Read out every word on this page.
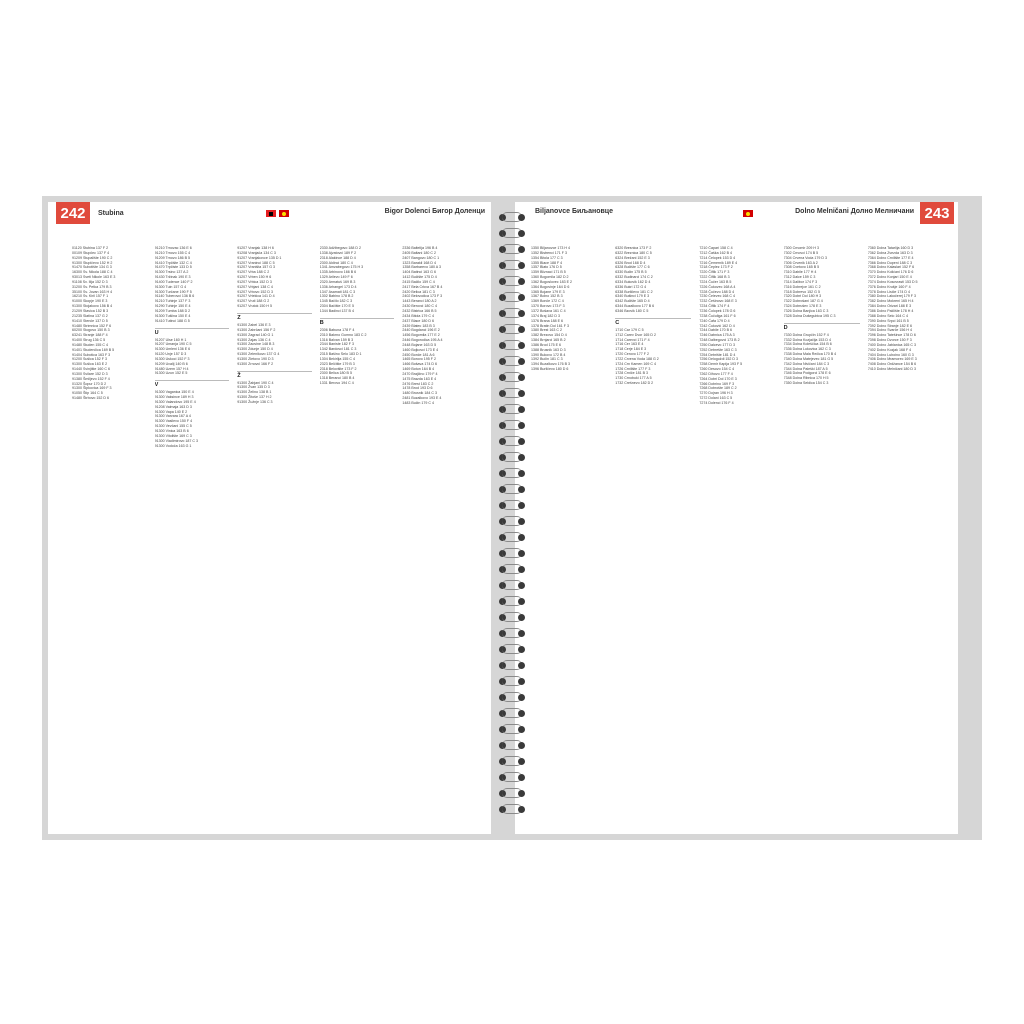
242	Stubina	Bigor Dolenci Бигор Доленци
01120 Stubina 137 F 2
00109 Stupčec 137 F 4
91209 Stupalište 190 C 2
91300 Stupičevo 152 H 2
91470 Subotište 134 G 3
16300 Sv. Nikola 188 C 4
93013 Sveti Nikole 163 E 3
91108 Sv. Ilija 152 D 3
31200 Sv. Petka 179 B 3
35100 Sv. Jovan 163 H 4
16210 Sv. Kiril 157 F 1
91000 Skopje 190 E 3
91300 Stojakovo 156 B 4
21209 Stavica 152 B 3
21235 Slatina 137 G 2
91410 Stenče 137 D 5
91480 Strimnica 152 F 6
60200 Stogovo 150 B 3
63241 Stranje 188 F 4
91400 Strug 136 C 5
91480 Studen 155 C 4
91401 Studenčica 169 B 5
91404 Subotica 163 F 3
91200 Sušica 152 F 3
91300 Sušica 163 E 2
91440 Svinjište 160 C 6
91300 Svilare 152 D 3
91380 Šmiljevo 152 F 4
01320 Šopur 170 D 2
91300 Šipkovica 169 F 3
91050 Štip 164 C 5
91480 Štrbovo 152 D 6
91210 Trnovac 136 E 6
91210 Trnovo 155 C 4
91209 Trnovo 186 B 5
91410 Trpčište 132 C 4
91470 Trpčiste 133 D 5
91300 Trsino 137 A 2
91430 Tržinak 190 E 3
91400 Tudence 140 F 2
91300 Tuin 157 G 4
91300 Turčane 190 F 5
91140 Tuberovci 136 B 6
91210 Tuhinje 137 F 3
91290 Tuhinje 150 E 4
91209 Tumba 188 D 2
91300 Tušiina 150 E 4
91410 Tutinci 188 G 5
U
91207 Ulse 160 H 1
91207 Umanja 190 C 5
91300 Umleni 136 E 6
91120 Unje 157 D 3
91300 Uskoci 152 F 3
91209 Uvalij 140 B 6
91480 Uzem 157 H 4
91300 Uzun 152 E 5
V
91300 Vaganica 150 E 4
91300 Vaksince 189 H 3
91300 Valandovo 195 E 4
91208 Valmaja 163 D 3
91300 Vapa 140 E 2
91300 Varvara 167 A 4
91300 Vasilevo 150 F 4
91300 Vevčani 155 C 5
91300 Vinica 163 B 6
91300 Vitolište 169 C 3
91300 Vladimirovo 187 C 3
91300 Vodoča 163 G 1
91207 Vranjak 138 H 6
91208 Vranjača 134 C 3
91207 Vranjakovce 135 D 1
91207 Vraninci 188 C 5
91207 Vraništa 157 G 3
91207 Vrba 188 C 2
91207 Vrben 150 H 6
91207 Vrbica 152 D 3
91207 Vrbjani 138 C 4
91207 Vrbovo 152 D 3
91207 Vrtekica 141 D 4
91207 Vruti 188 G 2
91207 Vrutok 150 H 5
Z
91300 Zabel 136 E 3
91300 Zabrčani 156 F 2
91300 Zagrad 140 G 1
91300 Zajas 136 C 4
91300 Zaovine 148 B 3
91300 Zdunje 150 D 4
91300 Zelenikovo 137 G 4
91300 Zletovo 190 D 3
91300 Zrnovci 166 F 2
Ž
91300 Žabjani 190 C 4
91300 Žvan 135 D 3
91300 Želino 138 B 1
91300 Žitoše 137 H 2
91300 Žužnje 136 C 3
2330 Adžibegovo 188 D 2
1338 Ajvatovci 189 F 2
2318 Alakince 188 D 4
2300 Aldinci 180 C 4
1341 Amzabegovo 175 H 3
1335 Arbinovo 166 B 6
1329 Arilevo 149 F 6
2320 Armatuš 169 B 3
1336 Arhangel 173 D 4
1347 Asamati 181 C 3
1302 Babino 178 B 2
1345 Bačilo 182 C 3
2304 Bačište 170 E 5
1344 Badinci 137 B 4
B
2306 Babuna 178 F 4
2310 Bakrno Gumno 183 C 2
1316 Balvan 159 B 3
2344 Baniste 182 F 3
1342 Bardovci 181 C 3
2315 Bašino Selo 183 D 1
1304 Bekirlija 155 C 4
2323 Belčište 179 B 3
2318 Belovište 173 F 2
2300 Belica 180 B 5
1318 Beranci 180 B 4
1331 Berovo 194 C 4
2336 Baltelija 196 B 4
2405 Baltani 180 C 2
2407 Bangovo 180 C 1
1323 Barakli 168 D 4
1358 Barbarevo 180 A 3
1404 Batinci 163 G 6
1412 Bučište 175 D 4
2415 Bačilo 159 C 4
2417 Bela Crkva 167 B 4
2420 Belica 181 C 3
2402 Belovodica 173 F 3
1443 Beranci 180 A 2
2430 Berovci 180 C 4
2432 Bistrica 166 B 5
2434 Bitola 179 C 4
2437 Blace 180 D 6
2439 Blatec 183 B 3
2440 Bogdanci 196 E 2
1456 Bogomila 177 E 2
2446 Bogorodica 195 A 4
2448 Bojane 163 D 5
1460 Bojkovci 173 E 4
2450 Bonče 181 A 6
1465 Borovo 195 F 2
1466 Bošava 174 D 6
1469 Botun 164 B 4
2470 Brajčino 179 F 4
1475 Brazda 163 E 4
2476 Brest 183 C 2
1478 Brod 193 D 6
1480 Brusnik 184 C 3
2481 Buzalkovo 193 E 4
1483 Bučin 179 C 4
Biljanovce Биљановце	Dolno Melničani Долно Мелничани 243
1350 Biljanovce 173 H 4
1352 Bistrenci 171 F 3
1354 Bitola 177 C 3
1355 Blace 188 F 4
1357 Blato 176 D 5
1359 Bliznaci 171 B 5
1360 Bogomila 182 D 2
1362 Bogoslovec 183 E 2
1364 Bogovinje 164 D 6
1365 Bojane 179 E 3
1367 Bolno 152 B 3
1369 Bonče 172 C 4
1370 Borovo 173 F 3
1372 Bošava 161 C 4
1374 Braj 182 D 3
1376 Brana 188 E 6
1378 Bratin Dol 161 F 3
1380 Brest 163 C 2
1382 Brezovo 154 D 4
1384 Brnjarci 165 B 2
1386 Brod 175 E 6
1388 Brusnik 163 D 3
1390 Bukovo 172 B 4
1392 Bučin 181 C 3
1394 Buzalkovo 176 B 3
1396 Burilčevo 180 D 6
6320 Bresnica 173 F 2
6322 Breznica 180 C 5
6324 Brežani 152 E 3
6326 Brod 168 D 4
6328 Bučište 177 C 6
6330 Bučin 175 B 5
6332 Budinarci 174 C 2
6334 Bukovik 162 D 4
6336 Bukri 172 G 4
6338 Burilčevo 181 C 2
6340 Bušinci 179 E 3
6342 Bučište 165 D 4
6344 Buzalkovo 177 B 6
6346 Bzovik 180 C 5
C
1710 Car 179 C 5
1712 Carev Dvor 165 D 2
1714 Carevci 171 F 4
1716 Cer 163 E 4
1718 Cerje 184 E 3
1720 Cerovo 177 F 2
1722 Crvena Voda 188 G 2
1724 Crn Kamen 169 C 4
1726 Crnilište 177 F 3
1728 Crniče 181 B 3
1730 Crnobuki 177 A 5
1732 Crešnevo 182 D 2
7210 Čapari 158 C 4
7212 Čaška 162 B 4
7214 Čelopek 153 D 4
7216 Čemernik 189 E 4
7218 Čeplez 173 F 2
7220 Čiflik 171 F 3
7222 Čiflik 168 B 3
7224 Čučer 163 B 5
7226 Čukovec 168 A 4
7228 Čučevo 188 D 4
7230 Čelevec 168 C 4
7232 Češinovo 168 E 3
7234 Čiflik 174 F 4
7236 Čolopek 178 G 6
7238 Čučuliga 161 F 6
7240 Ćafa 179 D 4
7242 Ćuković 162 D 4
7244 Dabile 170 B 6
7246 Dabnica 175 A 3
7248 Dalbegovci 173 B 2
7250 Dalcevo 177 D 3
7252 Debrešte 163 C 3
7254 Debrište 181 D 4
7256 Delogoždi 152 D 3
7258 Demir Kapija 193 F 5
7260 Desovo 154 C 4
7262 Dihovo 177 F 4
7264 Dobri Dol 170 E 3
7266 Dobrino 169 F 3
7268 Dobrošte 189 C 2
7270 Dojran 196 H 3
7272 Dolani 163 C 5
7274 Dolenci 176 F 4
7300 Crnomir 209 H 3
7302 Crnovci 174 B 5
7304 Crvena Voda 179 D 3
7306 Crvenik 163 A 2
7308 Cvetovo 165 B 5
7310 Dabile 177 H 4
7312 Dalce 159 C 3
7314 Dalibor 174 F 3
7316 Dobrejce 161 C 2
7318 Dobrevo 152 G 5
7320 Dobri Dol 180 H 3
7322 Dobrošani 187 G 4
7324 Dobrušev 178 E 3
7326 Dolna Banjica 163 C 3
7328 Dolna Dušegubica 195 C 3
D
7330 Dolna Grupčin 152 F 4
7332 Dolna Kozjačija 153 D 4
7334 Dolna Koleščica 154 B 6
7336 Dolna Lukovica 162 C 3
7338 Dolna Mala Rečica 170 B 4
7340 Dolna Matejevec 181 G 5
7342 Dolna Nivičani 184 C 3
7344 Dolna Paleški 187 A 5
7346 Dolna Podgorci 178 E 6
7348 Dolna Ribnica 170 H 5
7350 Dolna Seldica 154 C 3
7360 Dolna Tatarlija 160 D 3
7362 Dolna Zvezda 163 D 3
7364 Dolno Crnilište 177 E 4
7366 Dolno Dupeni 188 C 3
7368 Dolno Kalaslari 152 F 6
7370 Dolno Kolićani 176 D 6
7372 Dolno Konjari 150 E 4
7374 Dolno Kosovrasti 153 D 5
7376 Dolno Krušje 160 F 4
7378 Dolno Lisiče 174 D 4
7380 Dolno Lakočerej 179 F 3
7382 Dolno Mokreni 165 H 4
7384 Dolno Orizari 188 E 3
7386 Dolno Palčište 178 H 4
7388 Dolno Selo 164 C 4
7390 Dolno Srpci 161 B 5
7392 Dolno Stranje 182 E 6
7394 Dolno Svarče 156 H 4
7396 Dolno Tatešince 178 D 6
7398 Dolno Dvorce 150 F 3
7400 Dolno Jablanica 165 C 3
7402 Dolno Kozjak 168 F 4
7404 Dolno Luboino 160 G 3
7406 Dolno Mramorec 169 E 3
7408 Dolno Ordžance 154 B 6
7410 Dolno Melničani 180 D 3
